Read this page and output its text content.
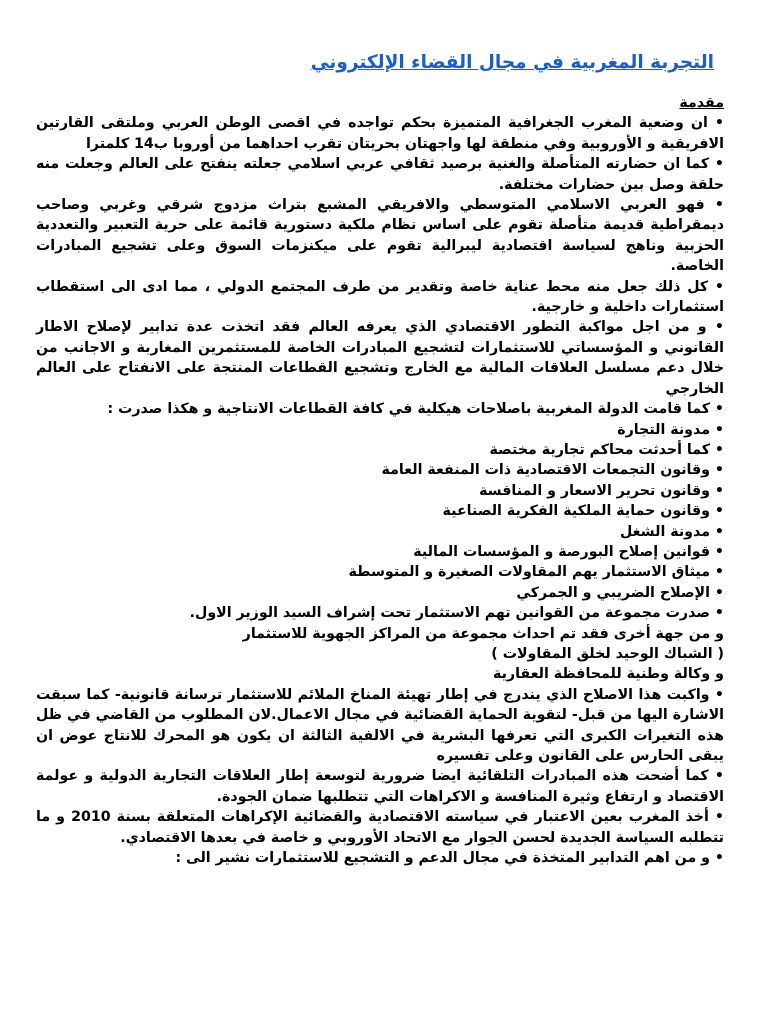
التجربة المغربية في مجال القضاء الإلكتروني

مقدمة

• ان وضعية المغرب الجغرافية المتميزة بحكم تواجده في اقصى الوطن العربي وملتقى القارتين الافريقية و الأوروبية وفي منطقة لها واجهتان بحريتان تقرب احداهما من أوروبا ب14 كلمترا

• كما ان حضارته المتأصلة والغنية برصيد ثقافي عربي اسلامي جعلته ينفتح على العالم وجعلت منه حلقة وصل بين حضارات مختلفة.

• فهو العربي الاسلامي المتوسطي والافريقي المشبع بتراث مزدوج شرقي وغربي وصاحب ديمقراطية قديمة متأصلة تقوم على اساس نظام ملكية دستورية قائمة على حرية التعبير والتعددية الحزبية وناهج لسياسة اقتصادية ليبرالية تقوم على ميكنزمات السوق وعلى تشجيع المبادرات الخاصة.

• كل ذلك جعل منه محط عناية خاصة وتقدير من طرف المجتمع الدولي ، مما ادى الى استقطاب استثمارات داخلية و خارجية.

• و من اجل مواكبة التطور الاقتصادي الذي يعرفه العالم فقد اتخذت عدة تدابير لإصلاح الاطار القانوني و المؤسساتي للاستثمارات لتشجيع المبادرات الخاصة للمستثمرين المغاربة و الاجانب من خلال دعم مسلسل العلاقات المالية مع الخارج وتشجيع القطاعات المنتجة على الانفتاح على العالم الخارجي

• كما قامت الدولة المغربية باصلاحات هيكلية في كافة القطاعات الانتاجية و هكذا صدرت :

• مدونة التجارة

• كما أحدثت محاكم تجارية مختصة

• وقانون التجمعات الاقتصادية ذات المنفعة العامة

• وقانون تحرير الاسعار و المنافسة

• وقانون حماية الملكية الفكرية الصناعية

• مدونة الشغل

• قوانين إصلاح البورصة و المؤسسات المالية

• ميثاق الاستثمار يهم المقاولات الصغيرة و المتوسطة

• الإصلاح الضريبي و الجمركي

• صدرت مجموعة من القوانين تهم الاستثمار تحت إشراف السيد الوزير الاول.

و من جهة أخرى فقد تم احداث مجموعة من المراكز الجهوية للاستثمار

( الشباك الوحيد لخلق المقاولات )

و وكالة وطنية للمحافظة العقارية

• واكبت هذا الاصلاح الذي يندرج في إطار تهيئة المناخ الملائم للاستثمار ترسانة قانونية- كما سبقت الاشارة اليها من قبل- لتقوية الحماية القضائية في مجال الاعمال.لان المطلوب من القاضي في ظل هذه التغيرات الكبرى التي تعرفها البشرية في الالفية الثالثة ان يكون هو المحرك للانتاج عوض ان يبقى الحارس على القانون وعلى تفسيره

• كما أضحت هذه المبادرات التلقائية ايضا ضرورية لتوسعة إطار العلاقات التجارية الدولية و عولمة الاقتصاد و ارتفاع وثيرة المنافسة و الاكراهات التي تتطلبها ضمان الجودة.

• أخذ المغرب بعين الاعتبار في سياسته الاقتصادية والقضائية الإكراهات المتعلقة بسنة 2010 و ما تتطلبه السياسة الجديدة لحسن الجوار مع الاتحاد الأوروبي و خاصة في بعدها الاقتصادي.

• و من اهم التدابير المتخذة في مجال الدعم و التشجيع للاستثمارات نشير الى :
